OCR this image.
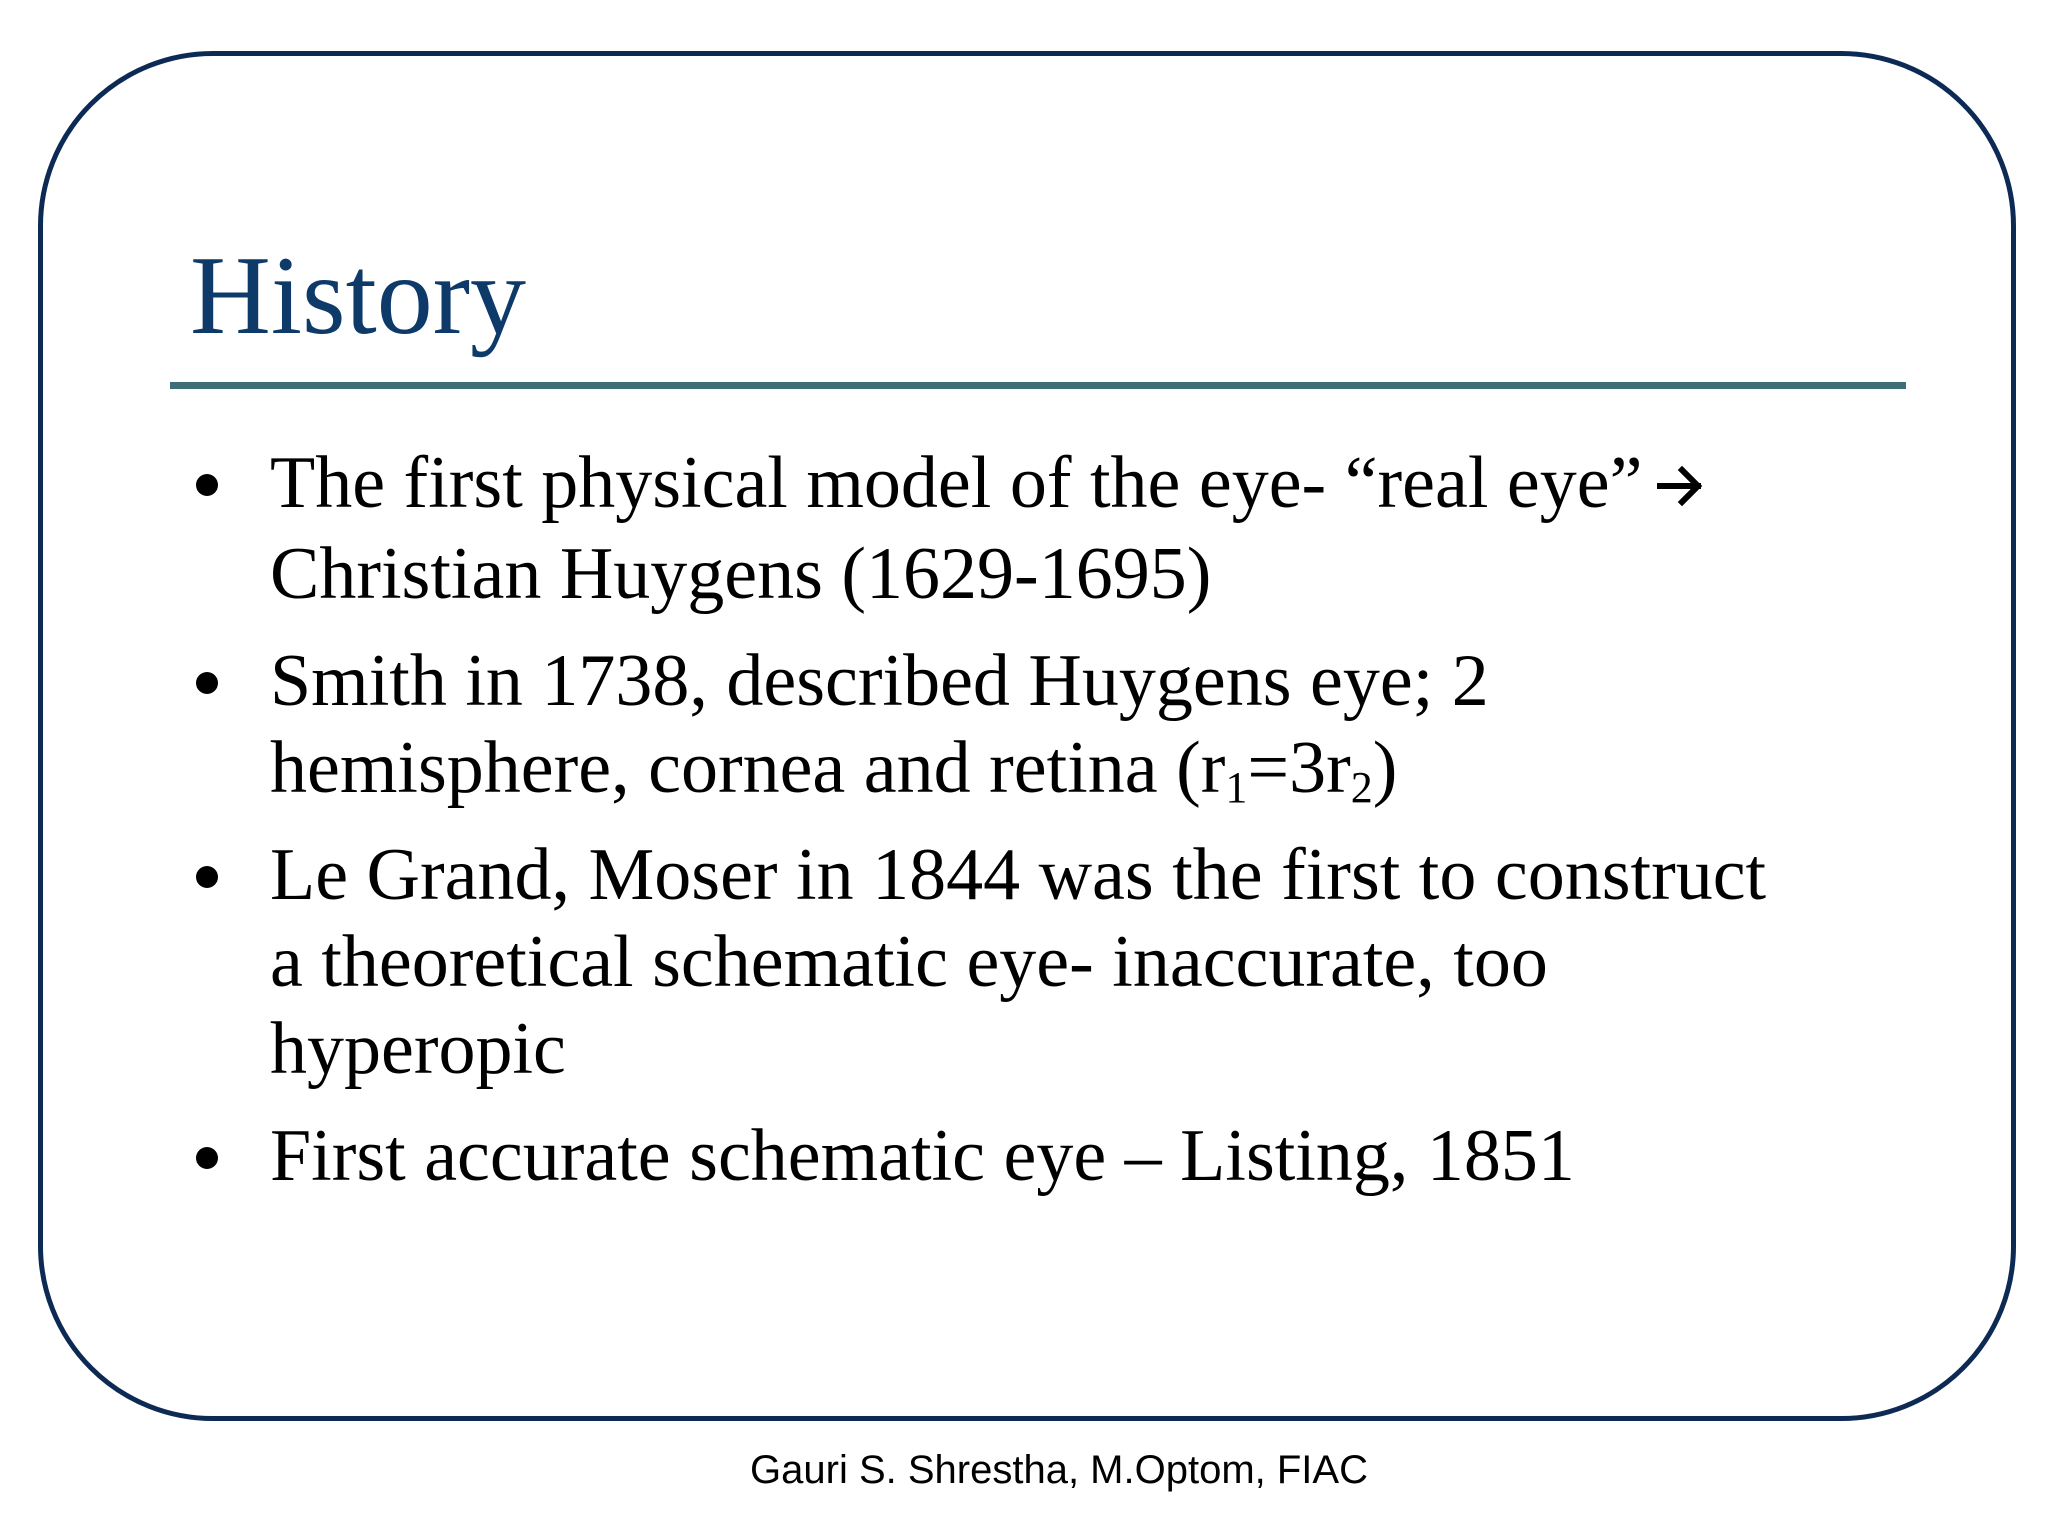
History
The first physical model of the eye- “real eye”
Christian Huygens (1629-1695)
Smith in 1738, described Huygens eye; 2
hemisphere, cornea and retina $(r_1=3r_2)$
Le Grand, Moser in 1844 was the first to construct
a theoretical schematic eye- inaccurate, too
hyperopic
First accurate schematic eye – Listing, 1851
Gauri S. Shrestha, M.Optom, FIAC
